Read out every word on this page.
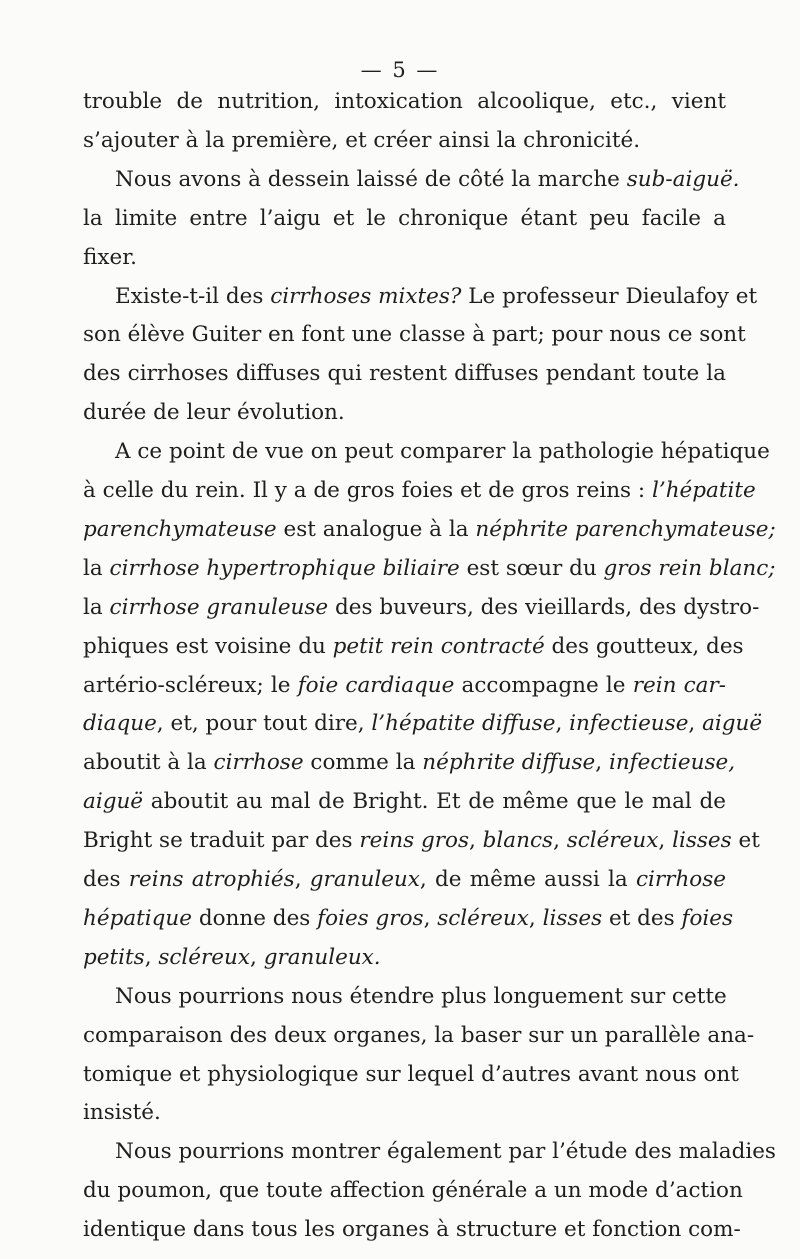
— 5 —
trouble de nutrition, intoxication alcoolique, etc., vient
s’ajouter à la première, et créer ainsi la chronicité.
Nous avons à dessein laissé de côté la marche sub-aiguë.
la limite entre l’aigu et le chronique étant peu facile a
fixer.
Existe-t-il des cirrhoses mixtes? Le professeur Dieulafoy et
son élève Guiter en font une classe à part; pour nous ce sont
des cirrhoses diffuses qui restent diffuses pendant toute la
durée de leur évolution.
A ce point de vue on peut comparer la pathologie hépatique
à celle du rein. Il y a de gros foies et de gros reins : l’hépatite
parenchymateuse est analogue à la néphrite parenchymateuse;
la cirrhose hypertrophique biliaire est sœur du gros rein blanc;
la cirrhose granuleuse des buveurs, des vieillards, des dystro-
phiques est voisine du petit rein contracté des goutteux, des
artério-scléreux; le foie cardiaque accompagne le rein car-
diaque, et, pour tout dire, l’hépatite diffuse, infectieuse, aiguë
aboutit à la cirrhose comme la néphrite diffuse, infectieuse,
aiguë aboutit au mal de Bright. Et de même que le mal de
Bright se traduit par des reins gros, blancs, scléreux, lisses et
des reins atrophiés, granuleux, de même aussi la cirrhose
hépatique donne des foies gros, scléreux, lisses et des foies
petits, scléreux, granuleux.
Nous pourrions nous étendre plus longuement sur cette
comparaison des deux organes, la baser sur un parallèle ana-
tomique et physiologique sur lequel d’autres avant nous ont
insisté.
Nous pourrions montrer également par l’étude des maladies
du poumon, que toute affection générale a un mode d’action
identique dans tous les organes à structure et fonction com-
